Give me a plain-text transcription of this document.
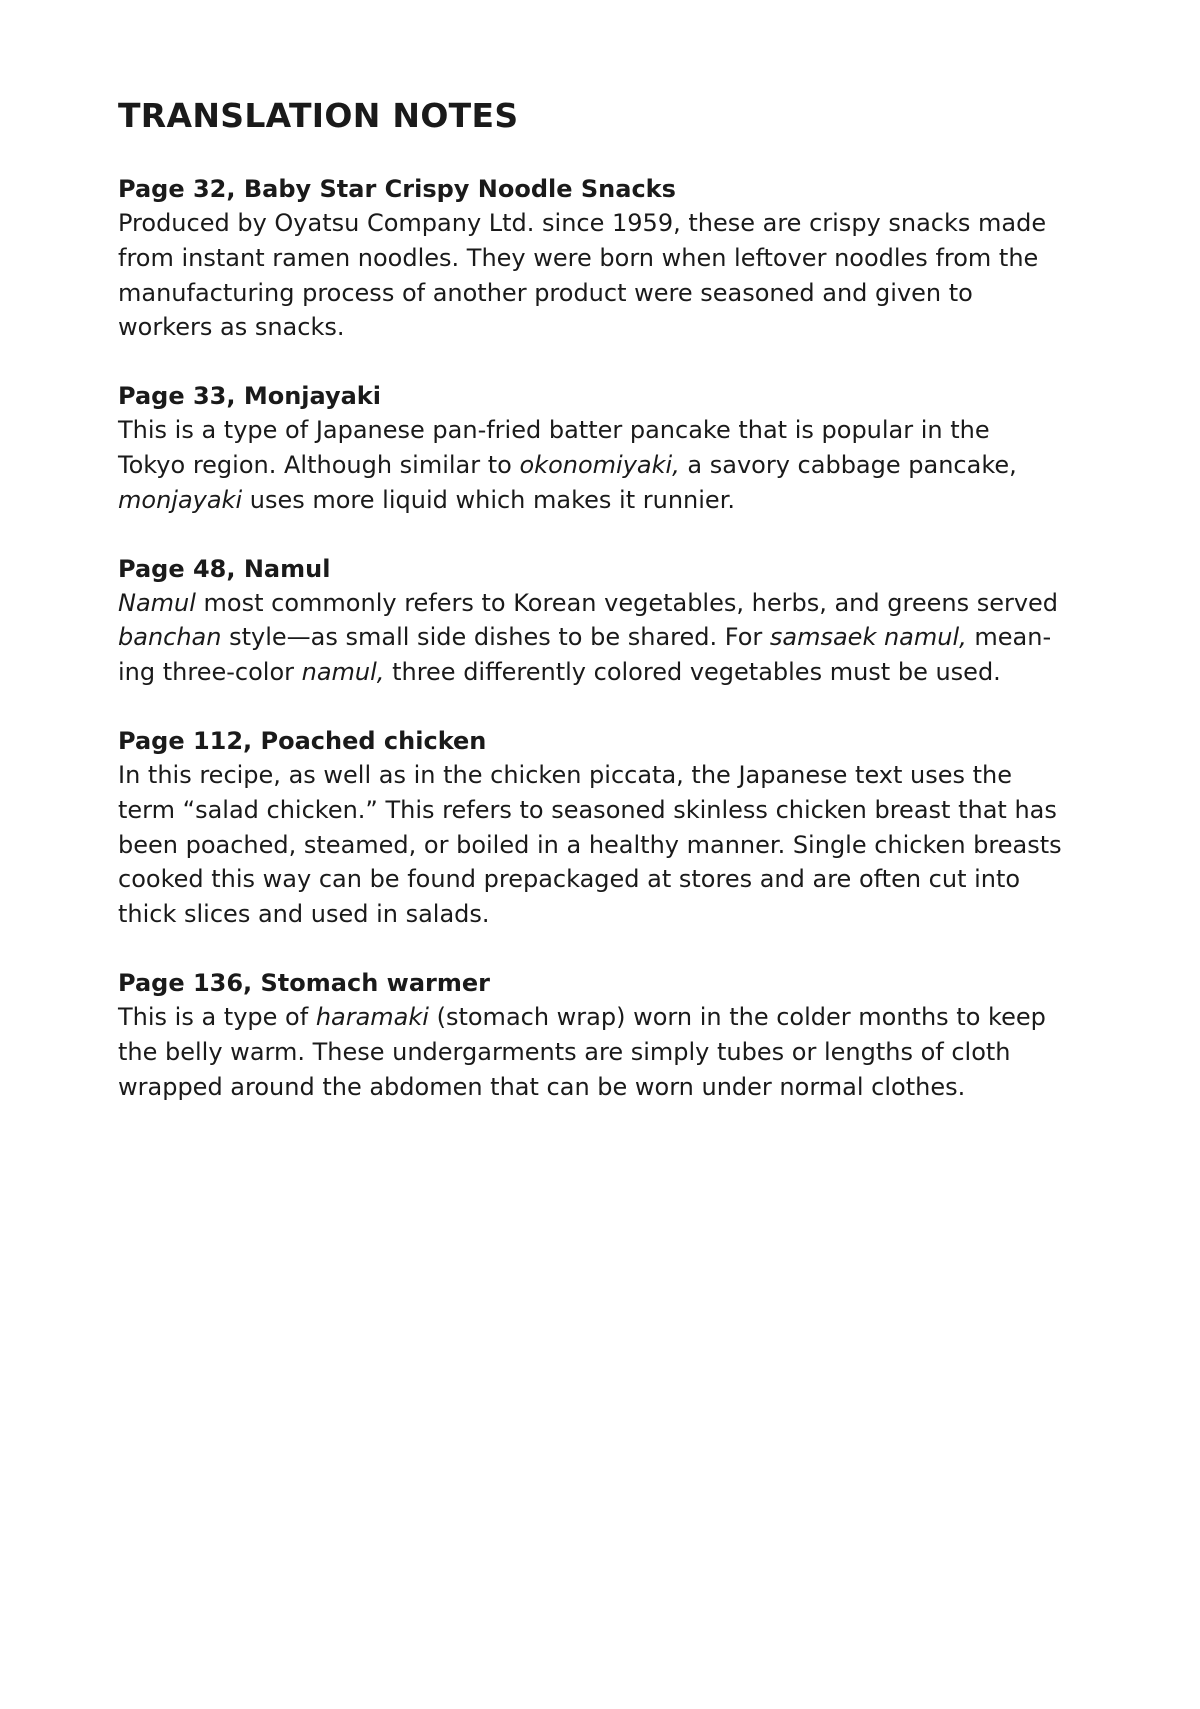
TRANSLATION NOTES
Page 32, Baby Star Crispy Noodle Snacks

Produced by Oyatsu Company Ltd. since 1959, these are crispy snacks made
from instant ramen noodles. They were born when leftover noodles from the
manufacturing process of another product were seasoned and given to
workers as snacks.

Page 33, Monjayaki

This is a type of Japanese pan-fried batter pancake that is popular in the
Tokyo region. Although similar to okonomiyaki, a savory cabbage pancake,
monjayaki uses more liquid which makes it runnier.

Page 48, Namul

Namul most commonly refers to Korean vegetables, herbs, and greens served
banchan style—as small side dishes to be shared. For samsaek namul, mean-
ing three-color namul, three differently colored vegetables must be used.

Page 112, Poached chicken

In this recipe, as well as in the chicken piccata, the Japanese text uses the
term “salad chicken.” This refers to seasoned skinless chicken breast that has
been poached, steamed, or boiled in a healthy manner. Single chicken breasts
cooked this way can be found prepackaged at stores and are often cut into
thick slices and used in salads.

Page 136, Stomach warmer

This is a type of haramaki (stomach wrap) worn in the colder months to keep
the belly warm. These undergarments are simply tubes or lengths of cloth
wrapped around the abdomen that can be worn under normal clothes.
